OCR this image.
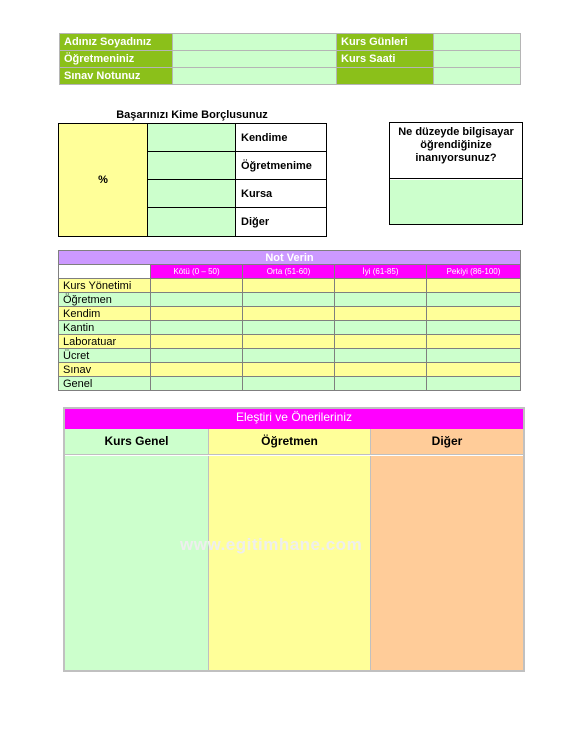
Adınız Soyadınız		Kurs Günleri	
Öğretmeniniz		Kurs Saati	
Sınav Notunuz			
Başarınızı Kime Borçlusunuz
%		Kendime
		Öğretmenime
		Kursa
		Diğer
Ne düzeyde bilgisayar öğrendiğinize inanıyorsunuz?
Not Verin				
	Kötü (0 – 50)	Orta (51-60)	İyi (61-85)	Pekiyi (86-100)
Kurs Yönetimi				
Öğretmen				
Kendim				
Kantin				
Laboratuar				
Ücret				
Sınav				
Genel				
Eleştiri ve Önerileriniz
Kurs Genel	Öğretmen	Diğer
www.egitimhane.com
